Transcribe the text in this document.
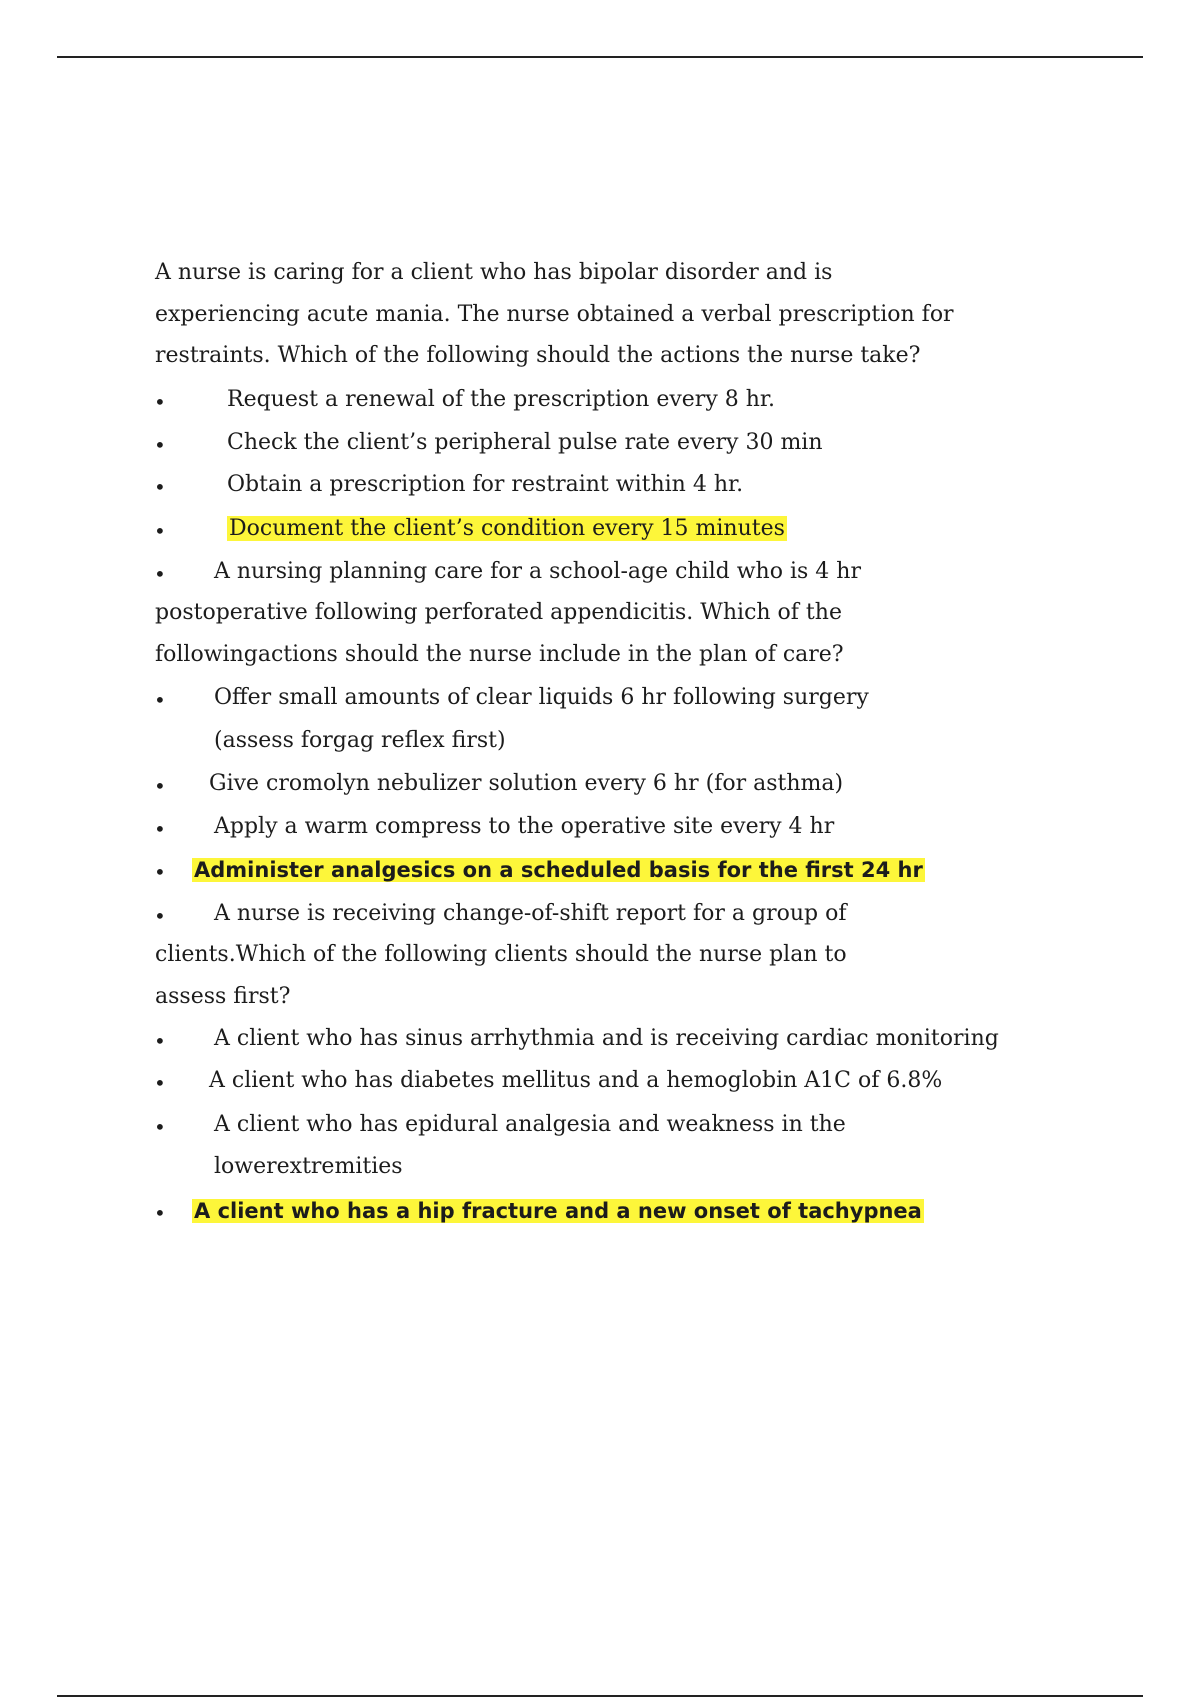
A nurse is caring for a client who has bipolar disorder and is
experiencing acute mania. The nurse obtained a verbal prescription for
restraints. Which of the following should the actions the nurse take?
•	Request a renewal of the prescription every 8 hr.
•	Check the client’s peripheral pulse rate every 30 min
•	Obtain a prescription for restraint within 4 hr.
•	Document the client’s condition every 15 minutes
• A nursing planning care for a school-age child who is 4 hr
postoperative following perforated appendicitis. Which of the
followingactions should the nurse include in the plan of care?
• Offer small amounts of clear liquids 6 hr following surgery
(assess forgag reflex first)
• Give cromolyn nebulizer solution every 6 hr (for asthma)
• Apply a warm compress to the operative site every 4 hr
• Administer analgesics on a scheduled basis for the first 24 hr
• A nurse is receiving change-of-shift report for a group of
clients.Which of the following clients should the nurse plan to
assess first?
• A client who has sinus arrhythmia and is receiving cardiac monitoring
• A client who has diabetes mellitus and a hemoglobin A1C of 6.8%
• A client who has epidural analgesia and weakness in the
lowerextremities
• A client who has a hip fracture and a new onset of tachypnea
